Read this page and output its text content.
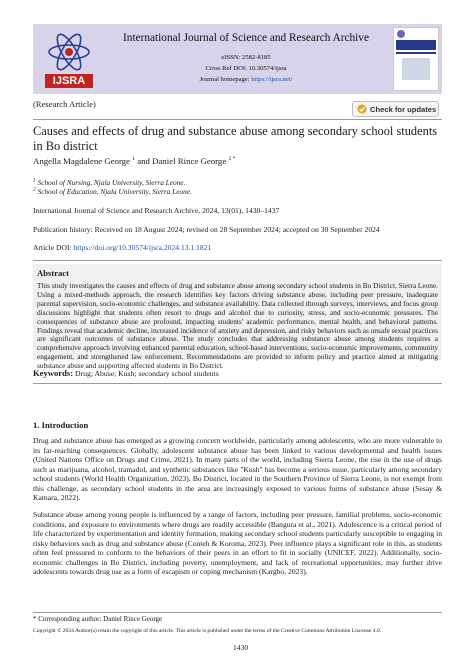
IJSRA
International Journal of Science and Research Archive
eISSN: 2582-8185
Cross Ref DOI: 10.30574/ijsra
Journal homepage: https://ijsra.net/
(Research Article)	Check for updates
Causes and effects of drug and substance abuse among secondary school students in Bo district
Angella Magdalene George $^1$ and Daniel Rince George $^{2 *}$
$^1$ School of Nursing, Njala University, Sierra Leone.
$^2$ School of Education, Njala University, Sierra Leone.
International Journal of Science and Research Archive, 2024, 13(01), 1430–1437
Publication history: Received on 18 August 2024; revised on 28 September 2024; accepted on 30 September 2024
Article DOI: https://doi.org/10.30574/ijsra.2024.13.1.1821
Abstract
This study investigates the causes and effects of drug and substance abuse among secondary school students in Bo District, Sierra Leone. Using a mixed-methods approach, the research identifies key factors driving substance abuse, including peer pressure, inadequate parental supervision, socio-economic challenges, and substance availability. Data collected through surveys, interviews, and focus group discussions highlight that students often resort to drugs and alcohol due to curiosity, stress, and socio-economic pressures. The consequences of substance abuse are profound, impacting students' academic performance, mental health, and behavioral patterns. Findings reveal that academic decline, increased incidence of anxiety and depression, and risky behaviors such as unsafe sexual practices are significant outcomes of substance abuse. The study concludes that addressing substance abuse among students requires a comprehensive approach involving enhanced parental education, school-based interventions, socio-economic improvements, community engagement, and strengthened law enforcement. Recommendations are provided to inform policy and practice aimed at mitigating substance abuse and supporting affected students in Bo District.
Keywords: Drug; Abuse; Kush; secondary school students
1. Introduction
Drug and substance abuse has emerged as a growing concern worldwide, particularly among adolescents, who are more vulnerable to its far-reaching consequences. Globally, adolescent substance abuse has been linked to various developmental and health issues (United Nations Office on Drugs and Crime, 2021). In many parts of the world, including Sierra Leone, the rise in the use of drugs such as marijuana, alcohol, tramadol, and synthetic substances like "Kush" has become a serious issue, particularly among secondary school students (World Health Organization, 2023). Bo District, located in the Southern Province of Sierra Leone, is not exempt from this challenge, as secondary school students in the area are increasingly exposed to various forms of substance abuse (Sesay & Kamara, 2022).
Substance abuse among young people is influenced by a range of factors, including peer pressure, familial problems, socio-economic conditions, and exposure to environments where drugs are readily accessible (Bangura et al., 2021). Adolescence is a critical period of life characterized by experimentation and identity formation, making secondary school students particularly susceptible to engaging in risky behaviors such as drug and substance abuse (Conteh & Koroma, 2023). Peer influence plays a significant role in this, as students often feel pressured to conform to the behaviors of their peers in an effort to fit in socially (UNICEF, 2022). Additionally, socio-economic challenges in Bo District, including poverty, unemployment, and lack of recreational opportunities, may further drive adolescents towards drug use as a form of escapism or coping mechanism (Kargbo, 2023).
* Corresponding author: Daniel Rince George
Copyright © 2024 Author(s) retain the copyright of this article. This article is published under the terms of the Creative Commons Attribution Liscense 4.0.
1430
